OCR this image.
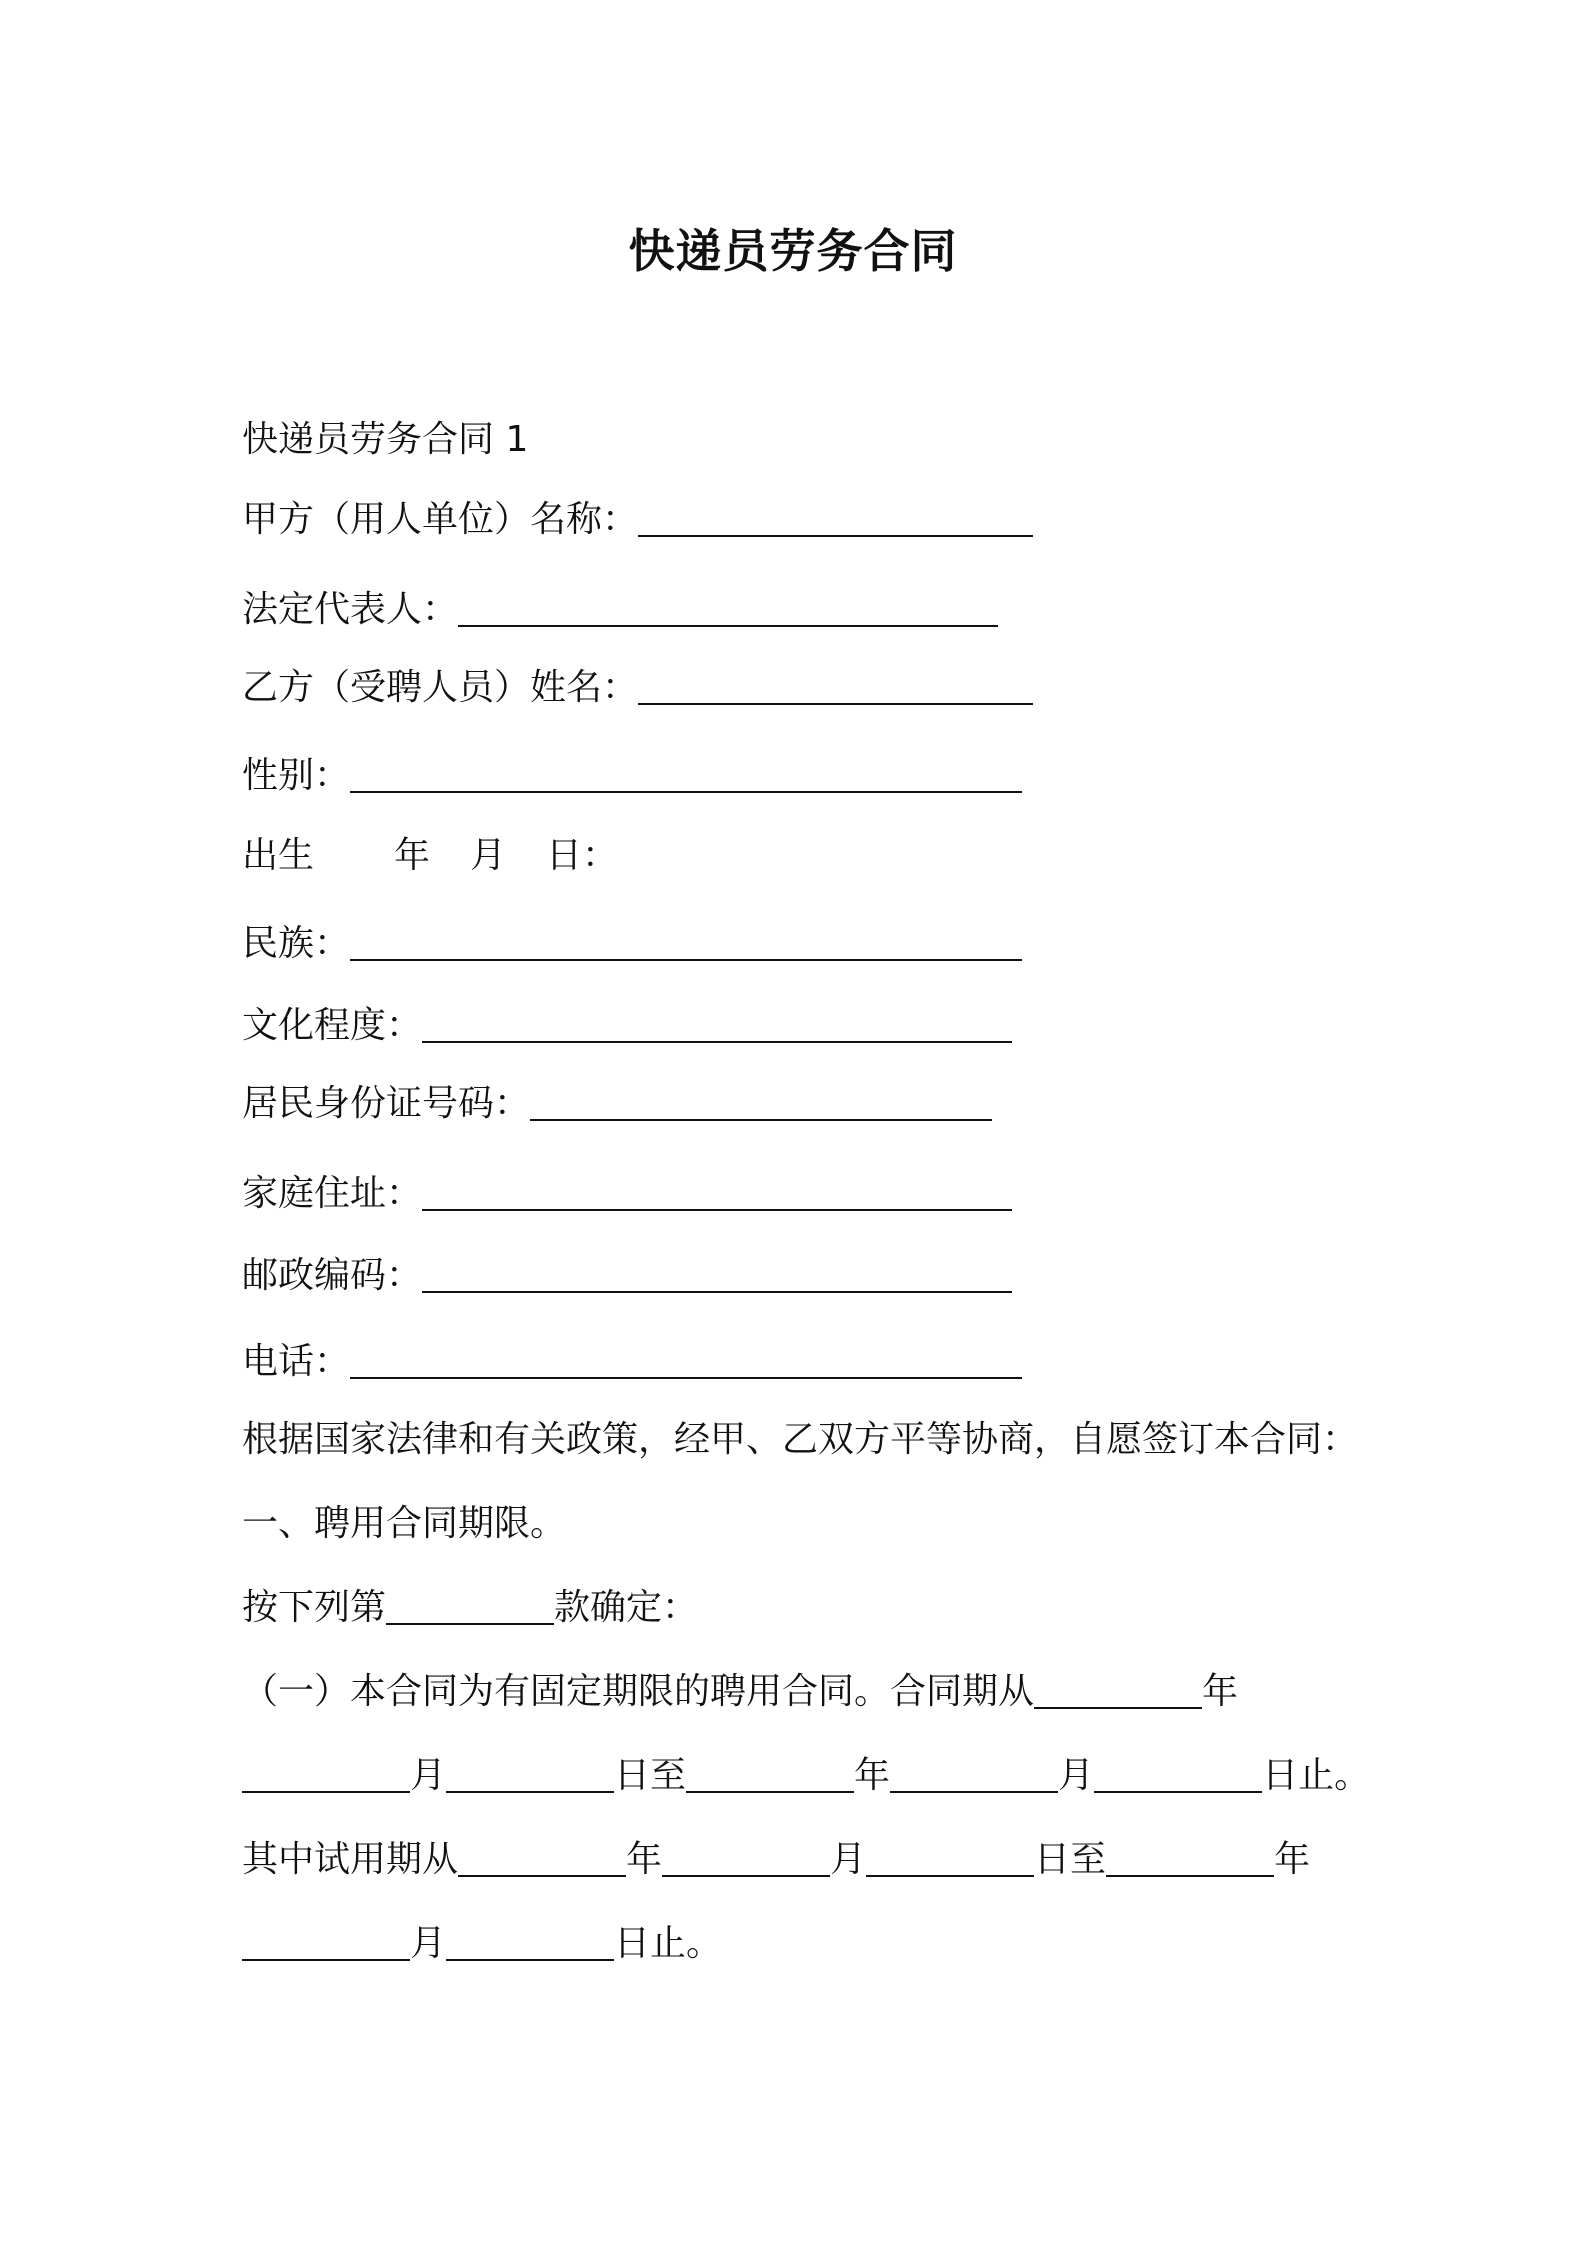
快递员劳务合同
快递员劳务合同 1
甲方（用人单位）名称：
法定代表人：
乙方（受聘人员）姓名：
性别：
出生 年 月 日：
民族：
文化程度：
居民身份证号码：
家庭住址：
邮政编码：
电话：
根据国家法律和有关政策，经甲、乙双方平等协商，自愿签订本合同：
一、聘用合同期限。
按下列第	款确定：
（一）本合同为有固定期限的聘用合同。合同期从	年
月	日至	年	月	日止。
其中试用期从	年	月	日至	年
月	日止。
